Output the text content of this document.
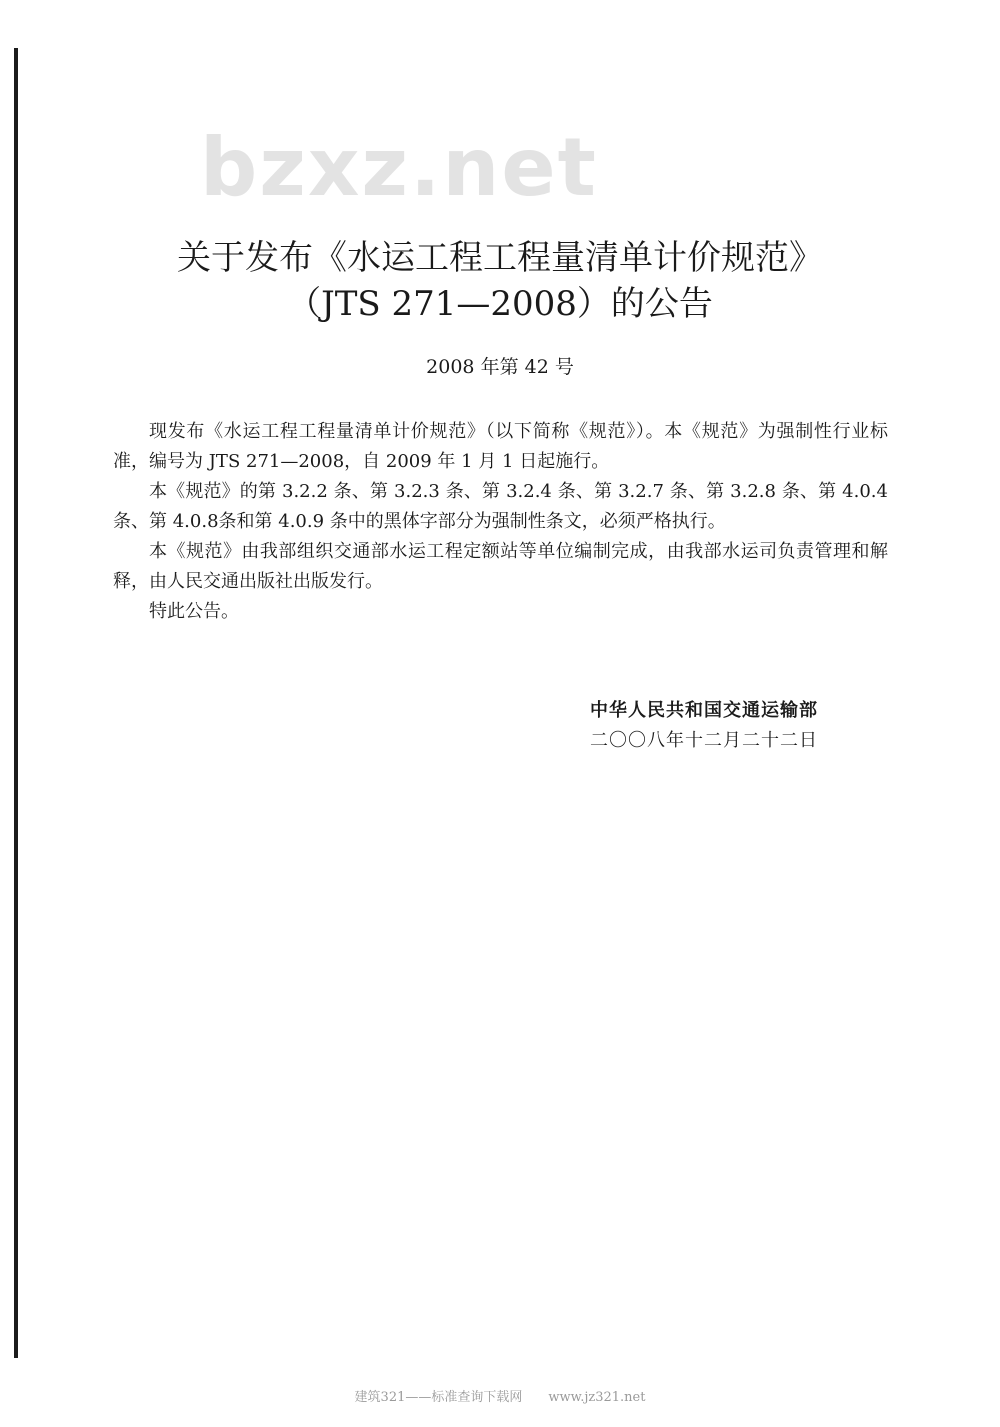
bzxz.net
关于发布《水运工程工程量清单计价规范》
（JTS 271—2008）的公告
2008 年第 42 号

现发布《水运工程工程量清单计价规范》（以下简称《规范》）。本《规范》为强制性行业标准，编号为 JTS 271—2008，自 2009 年 1 月 1 日起施行。

本《规范》的第 3.2.2 条、第 3.2.3 条、第 3.2.4 条、第 3.2.7 条、第 3.2.8 条、第 4.0.4 条、第 4.0.8条和第 4.0.9 条中的黑体字部分为强制性条文，必须严格执行。

本《规范》由我部组织交通部水运工程定额站等单位编制完成，由我部水运司负责管理和解释，由人民交通出版社出版发行。

特此公告。

中华人民共和国交通运输部
二〇〇八年十二月二十二日
建筑321——标准查询下载网　　www.jz321.net
